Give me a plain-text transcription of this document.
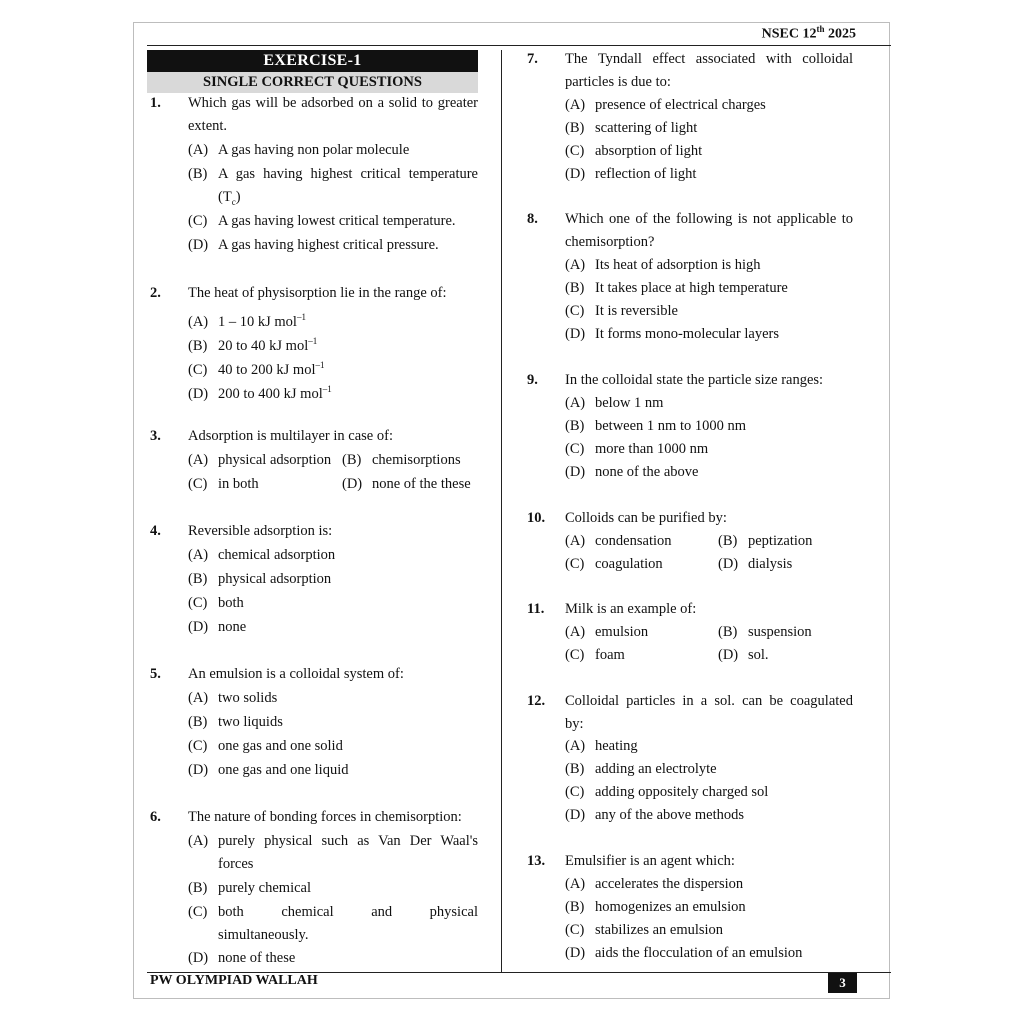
NSEC 12th 2025
EXERCISE-1
SINGLE CORRECT QUESTIONS
1. Which gas will be adsorbed on a solid to greater
extent.
(A) A gas having non polar molecule
(B) A gas having highest critical temperature
$(T_c)$
(C) A gas having lowest critical temperature.
(D) A gas having highest critical pressure.
2. The heat of physisorption lie in the range of:
(A) 1 – 10 kJ mol$^{-1}$
(B) 20 to 40 kJ mol$^{-1}$
(C) 40 to 200 kJ mol$^{-1}$
(D) 200 to 400 kJ mol$^{-1}$
3. Adsorption is multilayer in case of:
(A) physical adsorption (B) chemisorptions
(C) in both	(D) none of the these
4. Reversible adsorption is:
(A) chemical adsorption
(B) physical adsorption
(C) both
(D) none
5. An emulsion is a colloidal system of:
(A) two solids
(B) two liquids
(C) one gas and one solid
(D) one gas and one liquid
6. The nature of bonding forces in chemisorption:
(A) purely physical such as Van Der Waal's
forces
(B) purely chemical
(C) both chemical and physical
simultaneously.
(D) none of these
7. The Tyndall effect associated with colloidal
particles is due to:
(A) presence of electrical charges
(B) scattering of light
(C) absorption of light
(D) reflection of light
8. Which one of the following is not applicable to
chemisorption?
(A) Its heat of adsorption is high
(B) It takes place at high temperature
(C) It is reversible
(D) It forms mono-molecular layers
9. In the colloidal state the particle size ranges:
(A) below 1 nm
(B) between 1 nm to 1000 nm
(C) more than 1000 nm
(D) none of the above
10. Colloids can be purified by:
(A) condensation	(B) peptization
(C) coagulation	(D) dialysis
11. Milk is an example of:
(A) emulsion	(B) suspension
(C) foam	(D) sol.
12. Colloidal particles in a sol. can be coagulated
by:
(A) heating
(B) adding an electrolyte
(C) adding oppositely charged sol
(D) any of the above methods
13. Emulsifier is an agent which:
(A) accelerates the dispersion
(B) homogenizes an emulsion
(C) stabilizes an emulsion
(D) aids the flocculation of an emulsion
PW OLYMPIAD WALLAH	3
